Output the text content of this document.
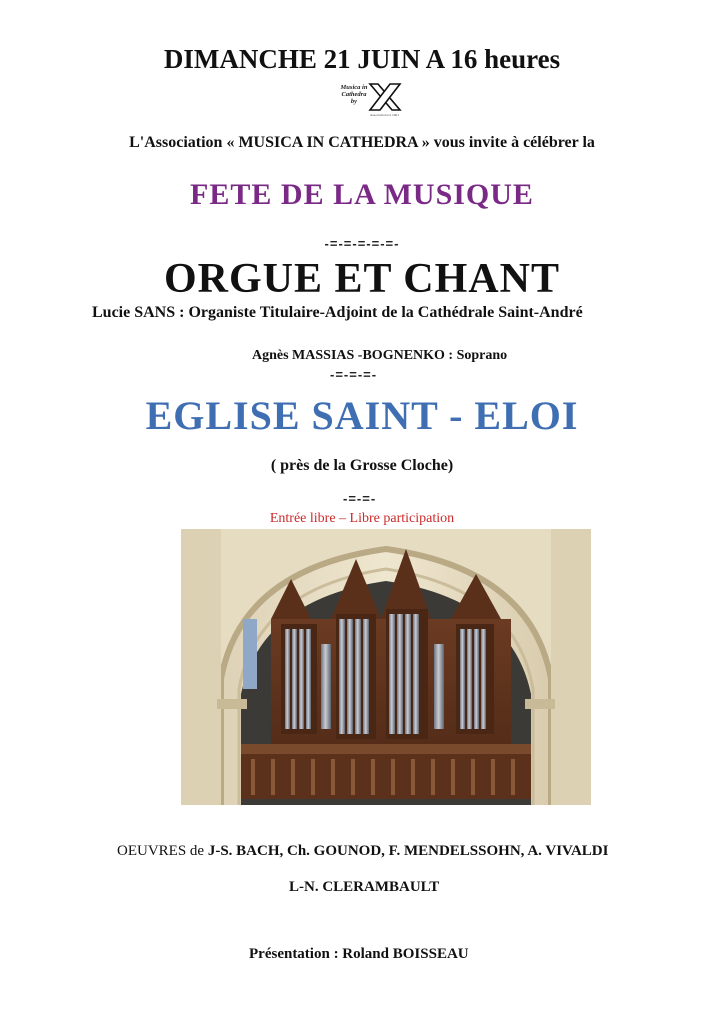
DIMANCHE 21 JUIN A 16 heures
Musica in
Cathedra
by
Association loi 1901
L'Association « MUSICA IN CATHEDRA » vous invite à célébrer la
FETE DE LA MUSIQUE
-=-=-=-=-=-
ORGUE ET CHANT
Lucie SANS : Organiste Titulaire-Adjoint de la Cathédrale Saint-André
Agnès MASSIAS -BOGNENKO : Soprano
-=-=-=-
EGLISE SAINT - ELOI
( près de la Grosse Cloche)
-=-=-
Entrée libre – Libre participation
OEUVRES de J-S. BACH, Ch. GOUNOD, F. MENDELSSOHN, A. VIVALDI
L-N. CLERAMBAULT
Présentation : Roland BOISSEAU
